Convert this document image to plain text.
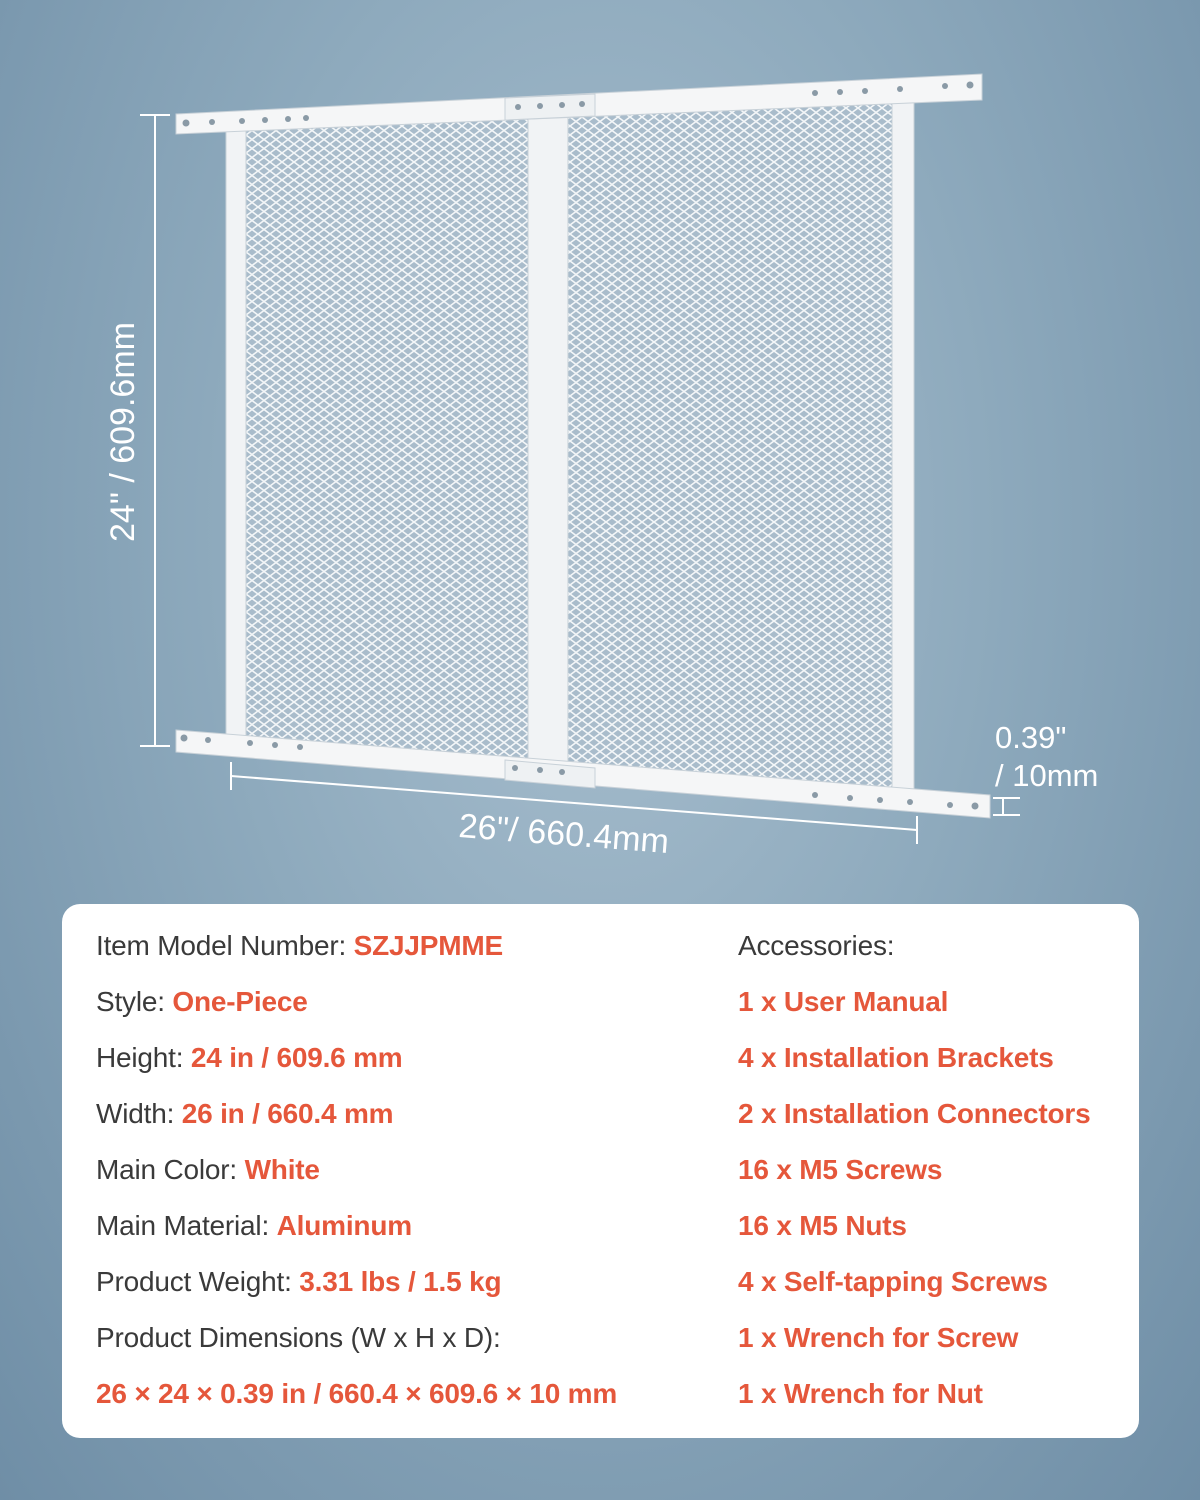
24" / 609.6mm
26"/ 660.4mm
0.39"
/ 10mm
Item Model Number: SZJJPMME
Style: One-Piece
Height: 24 in / 609.6 mm
Width: 26 in / 660.4 mm
Main Color: White
Main Material: Aluminum
Product Weight: 3.31 lbs / 1.5 kg
Product Dimensions (W x H x D):
26 × 24 × 0.39 in / 660.4 × 609.6 × 10 mm
Accessories:
1 x User Manual
4 x Installation Brackets
2 x Installation Connectors
16 x M5 Screws
16 x M5 Nuts
4 x Self-tapping Screws
1 x Wrench for Screw
1 x Wrench for Nut
